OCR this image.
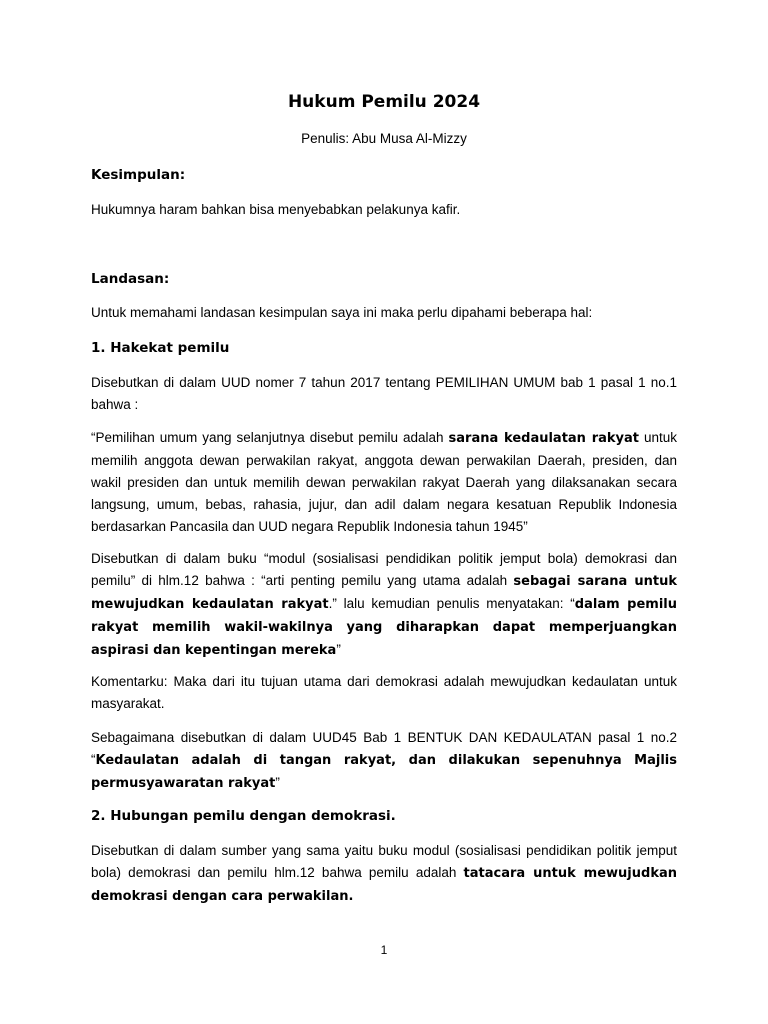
Hukum Pemilu 2024
Penulis: Abu Musa Al-Mizzy
Kesimpulan:
Hukumnya haram bahkan bisa menyebabkan pelakunya kafir.
Landasan:
Untuk memahami landasan kesimpulan saya ini maka perlu dipahami beberapa hal:
1. Hakekat pemilu
Disebutkan di dalam UUD nomer 7 tahun 2017 tentang PEMILIHAN UMUM bab 1 pasal 1 no.1 bahwa :
“Pemilihan umum yang selanjutnya disebut pemilu adalah sarana kedaulatan rakyat untuk memilih anggota dewan perwakilan rakyat, anggota dewan perwakilan Daerah, presiden, dan wakil presiden dan untuk memilih dewan perwakilan rakyat Daerah yang dilaksanakan secara langsung, umum, bebas, rahasia, jujur, dan adil dalam negara kesatuan Republik Indonesia berdasarkan Pancasila dan UUD negara Republik Indonesia tahun 1945”
Disebutkan di dalam buku “modul (sosialisasi pendidikan politik jemput bola) demokrasi dan pemilu” di hlm.12 bahwa : “arti penting pemilu yang utama adalah sebagai sarana untuk mewujudkan kedaulatan rakyat.” lalu kemudian penulis menyatakan: “dalam pemilu rakyat memilih wakil-wakilnya yang diharapkan dapat memperjuangkan aspirasi dan kepentingan mereka”
Komentarku: Maka dari itu tujuan utama dari demokrasi adalah mewujudkan kedaulatan untuk masyarakat.
Sebagaimana disebutkan di dalam UUD45 Bab 1 BENTUK DAN KEDAULATAN pasal 1 no.2 “Kedaulatan adalah di tangan rakyat, dan dilakukan sepenuhnya Majlis permusyawaratan rakyat”
2. Hubungan pemilu dengan demokrasi.
Disebutkan di dalam sumber yang sama yaitu buku modul (sosialisasi pendidikan politik jemput bola) demokrasi dan pemilu hlm.12 bahwa pemilu adalah tatacara untuk mewujudkan demokrasi dengan cara perwakilan.
1
